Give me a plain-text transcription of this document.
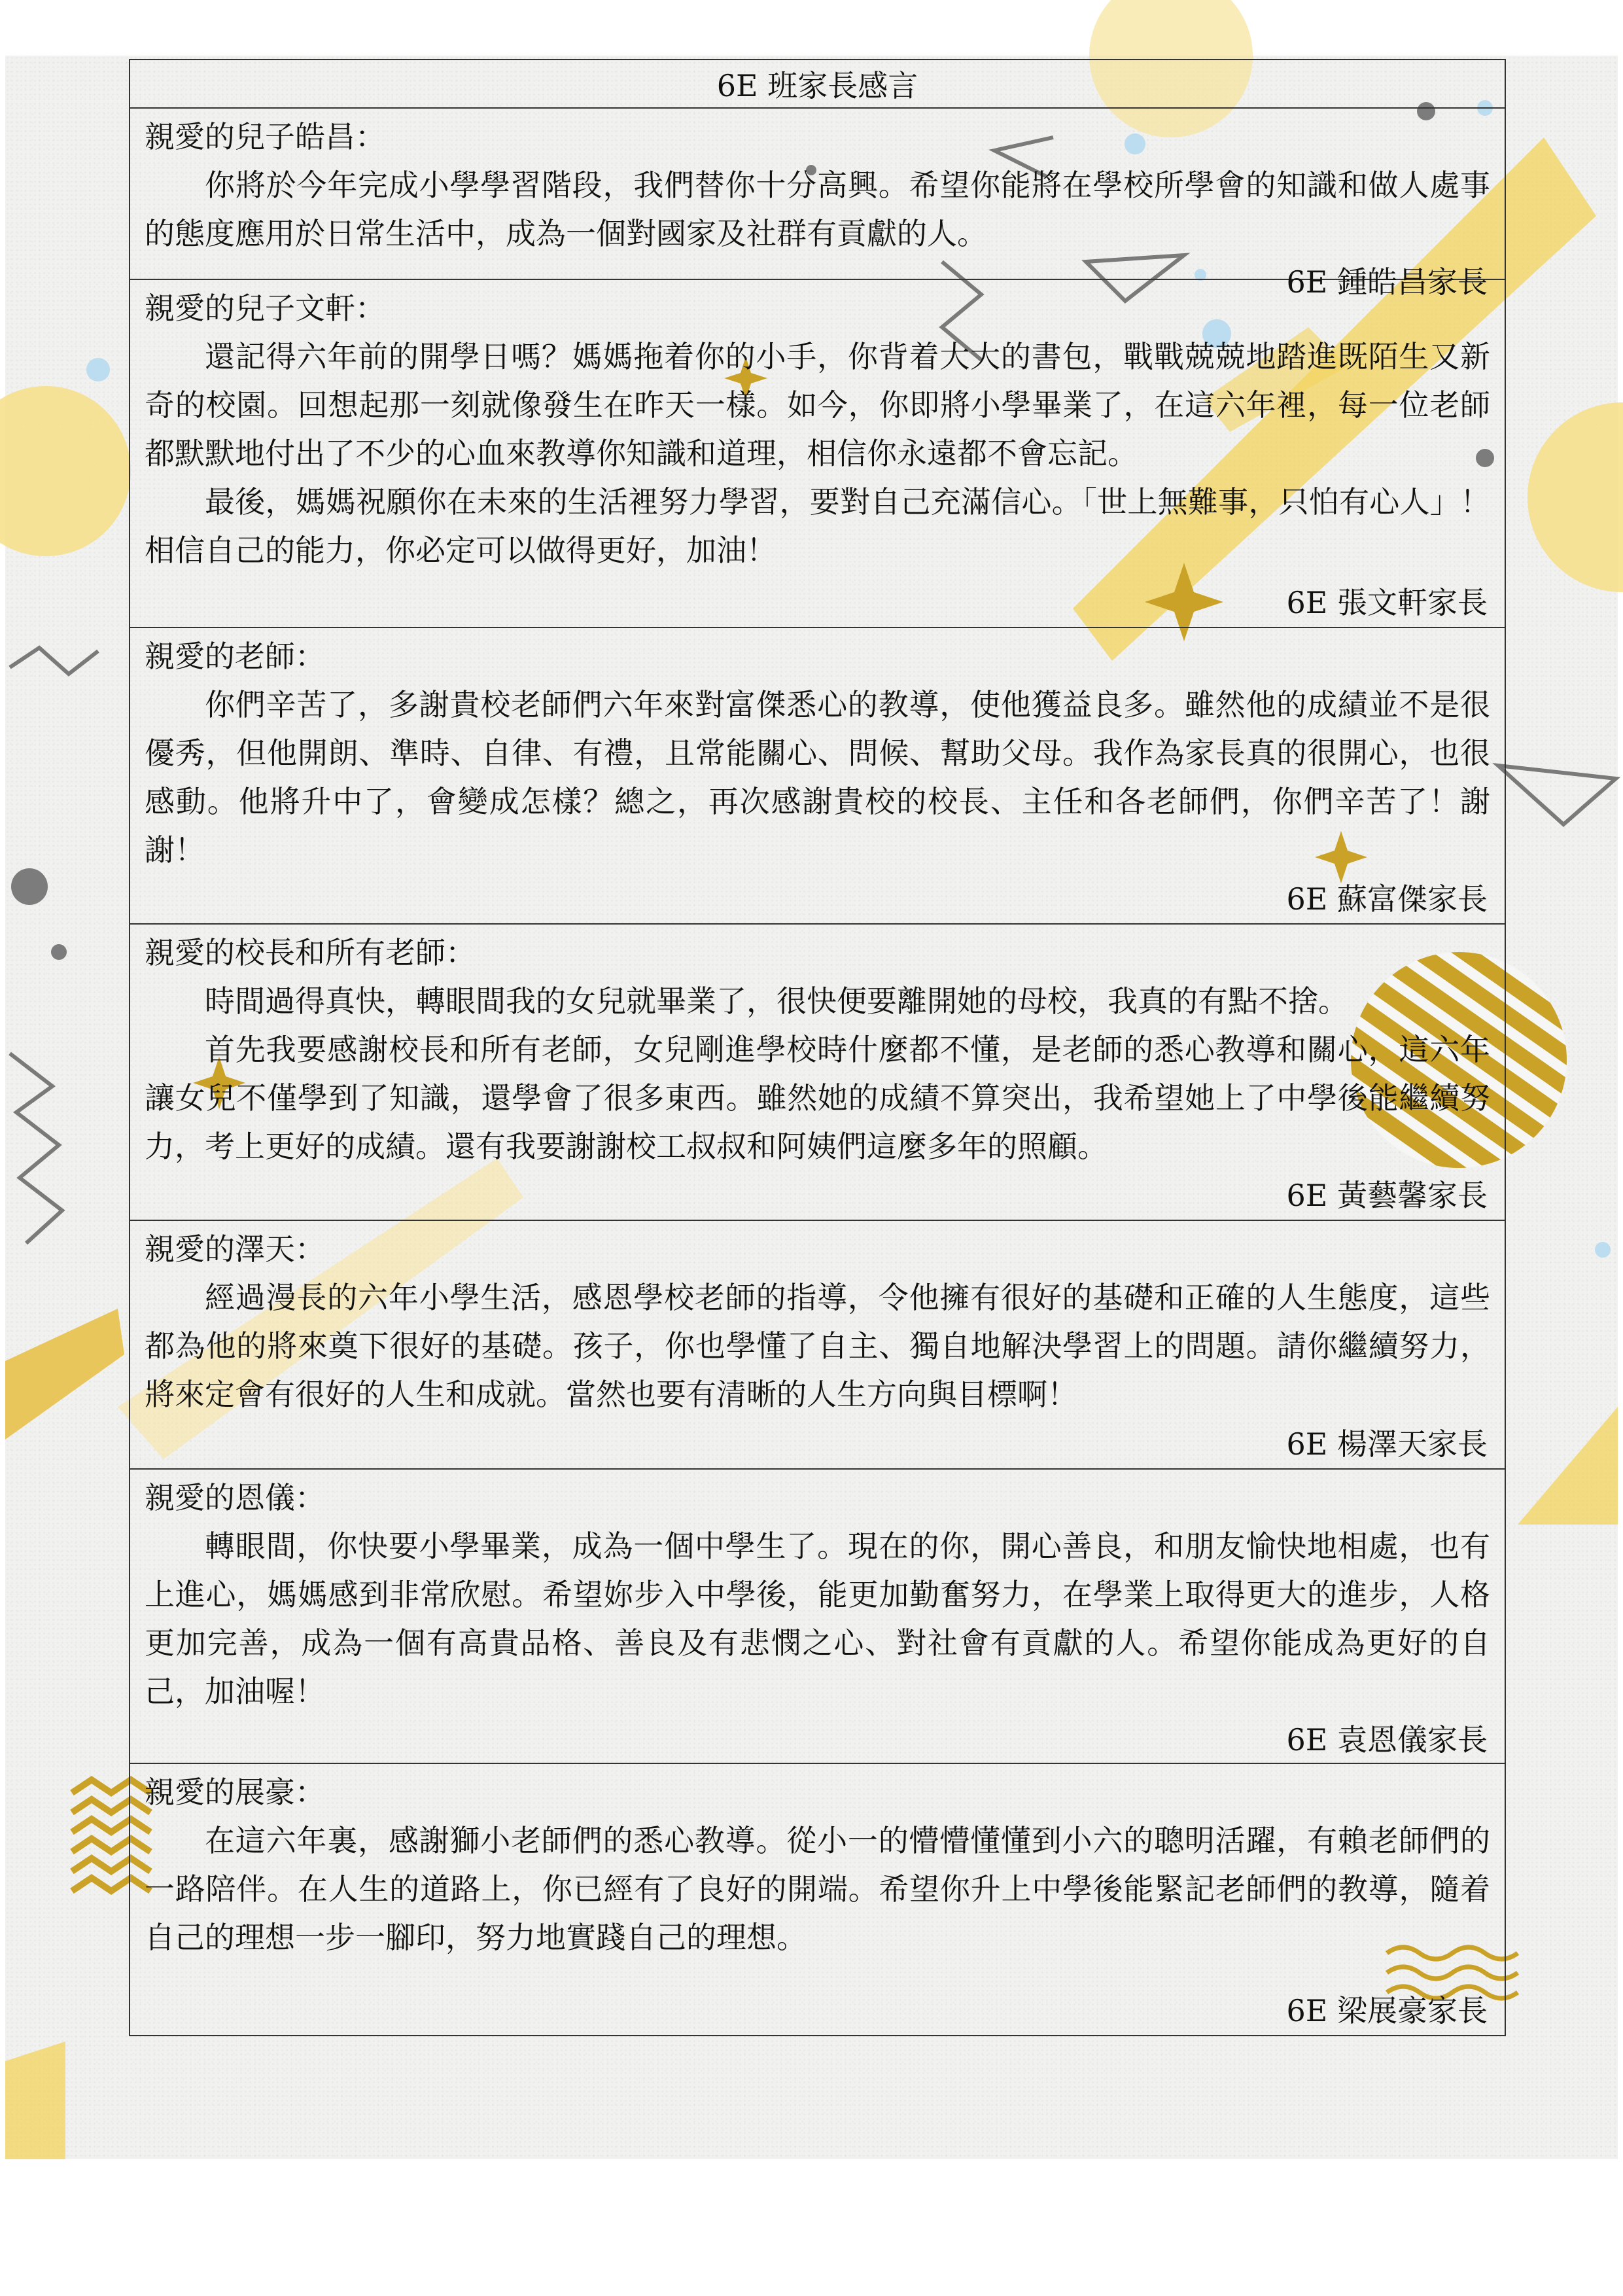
6E 班家長感言

親愛的兒子皓昌：

你將於今年完成小學學習階段，我們替你十分高興。希望你能將在學校所學會的知識和做人處事的態度應用於日常生活中，成為一個對國家及社群有貢獻的人。

6E 鍾皓昌家長

親愛的兒子文軒：

還記得六年前的開學日嗎？媽媽拖着你的小手，你背着大大的書包，戰戰兢兢地踏進既陌生又新奇的校園。回想起那一刻就像發生在昨天一樣。如今，你即將小學畢業了，在這六年裡，每一位老師都默默地付出了不少的心血來教導你知識和道理，相信你永遠都不會忘記。

最後，媽媽祝願你在未來的生活裡努力學習，要對自己充滿信心。「世上無難事，只怕有心人」！相信自己的能力，你必定可以做得更好，加油！

6E 張文軒家長

親愛的老師：

你們辛苦了，多謝貴校老師們六年來對富傑悉心的教導，使他獲益良多。雖然他的成績並不是很優秀，但他開朗、準時、自律、有禮，且常能關心、問候、幫助父母。我作為家長真的很開心，也很感動。他將升中了，會變成怎樣？總之，再次感謝貴校的校長、主任和各老師們，你們辛苦了！謝謝！

6E 蘇富傑家長

親愛的校長和所有老師：

時間過得真快，轉眼間我的女兒就畢業了，很快便要離開她的母校，我真的有點不捨。

首先我要感謝校長和所有老師，女兒剛進學校時什麼都不懂，是老師的悉心教導和關心，這六年讓女兒不僅學到了知識，還學會了很多東西。雖然她的成績不算突出，我希望她上了中學後能繼續努力，考上更好的成績。還有我要謝謝校工叔叔和阿姨們這麼多年的照顧。

6E 黃藝馨家長

親愛的澤天：

經過漫長的六年小學生活，感恩學校老師的指導，令他擁有很好的基礎和正確的人生態度，這些都為他的將來奠下很好的基礎。孩子，你也學懂了自主、獨自地解決學習上的問題。請你繼續努力，將來定會有很好的人生和成就。當然也要有清晰的人生方向與目標啊！

6E 楊澤天家長

親愛的恩儀：

轉眼間，你快要小學畢業，成為一個中學生了。現在的你，開心善良，和朋友愉快地相處，也有上進心，媽媽感到非常欣慰。希望妳步入中學後，能更加勤奮努力，在學業上取得更大的進步，人格更加完善，成為一個有高貴品格、善良及有悲憫之心、對社會有貢獻的人。希望你能成為更好的自己，加油喔！

6E 袁恩儀家長

親愛的展豪：

在這六年裏，感謝獅小老師們的悉心教導。從小一的懵懵懂懂到小六的聰明活躍，有賴老師們的一路陪伴。在人生的道路上，你已經有了良好的開端。希望你升上中學後能緊記老師們的教導，隨着自己的理想一步一腳印，努力地實踐自己的理想。

6E 梁展豪家長
